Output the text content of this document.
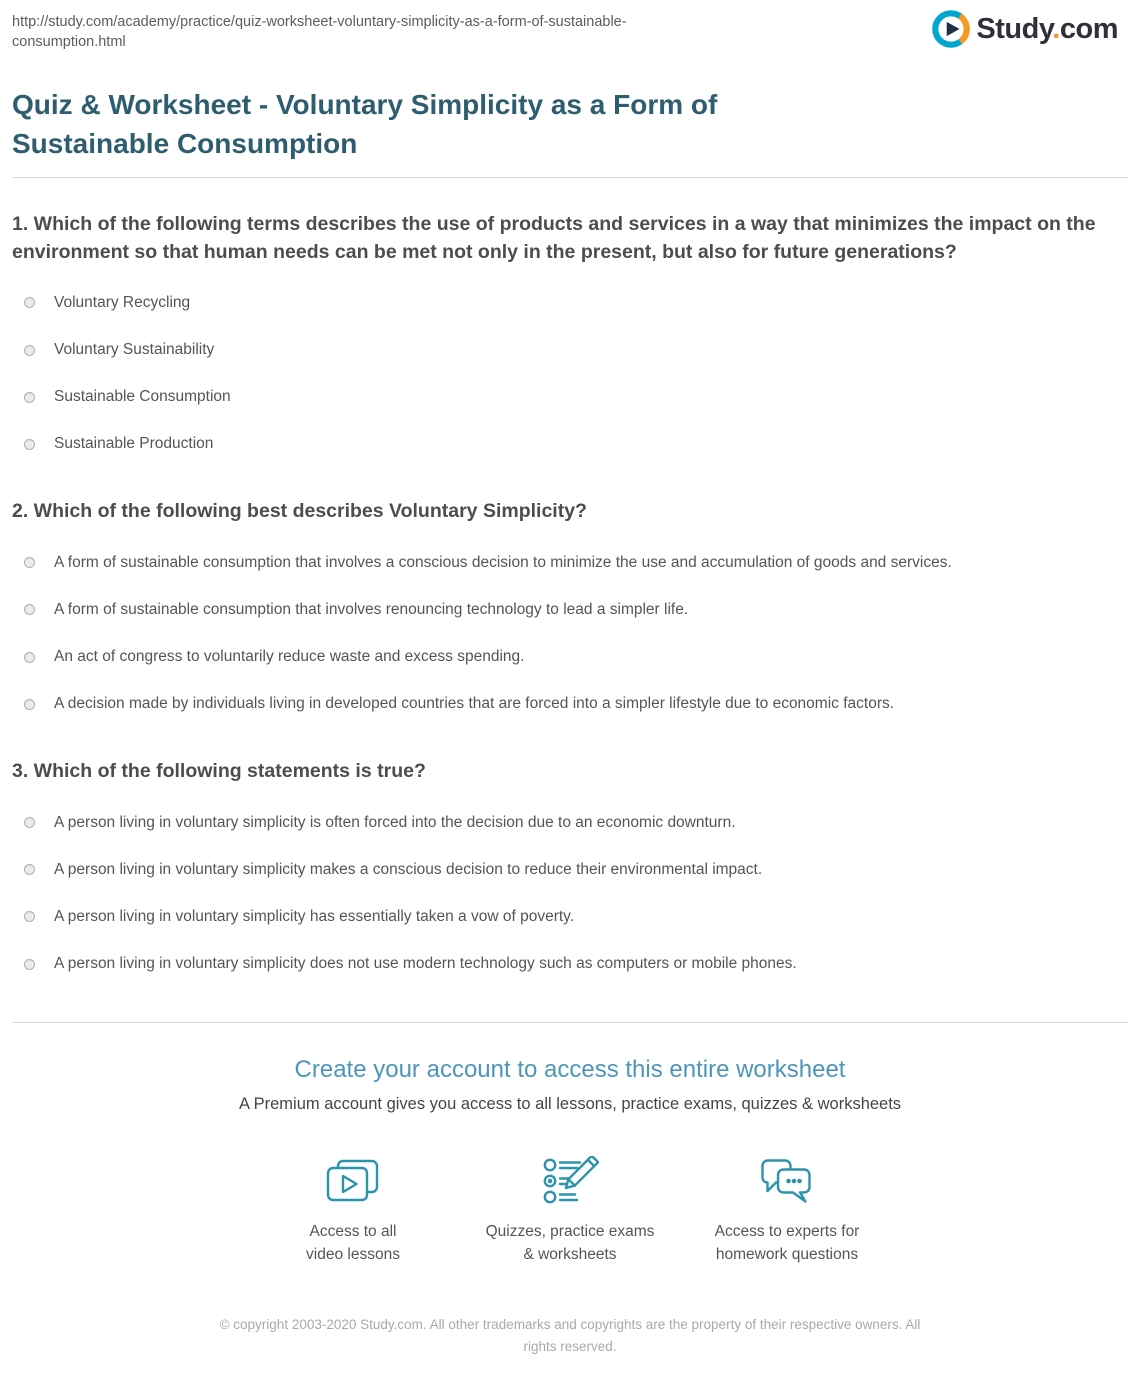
http://study.com/academy/practice/quiz-worksheet-voluntary-simplicity-as-a-form-of-sustainable-
consumption.html	Study.com
Quiz & Worksheet - Voluntary Simplicity as a Form of
Sustainable Consumption
1. Which of the following terms describes the use of products and services in a way that minimizes the impact on the environment so that human needs can be met not only in the present, but also for future generations?
Voluntary Recycling
Voluntary Sustainability
Sustainable Consumption
Sustainable Production
2. Which of the following best describes Voluntary Simplicity?
A form of sustainable consumption that involves a conscious decision to minimize the use and accumulation of goods and services.
A form of sustainable consumption that involves renouncing technology to lead a simpler life.
An act of congress to voluntarily reduce waste and excess spending.
A decision made by individuals living in developed countries that are forced into a simpler lifestyle due to economic factors.
3. Which of the following statements is true?
A person living in voluntary simplicity is often forced into the decision due to an economic downturn.
A person living in voluntary simplicity makes a conscious decision to reduce their environmental impact.
A person living in voluntary simplicity has essentially taken a vow of poverty.
A person living in voluntary simplicity does not use modern technology such as computers or mobile phones.
Create your account to access this entire worksheet
A Premium account gives you access to all lessons, practice exams, quizzes & worksheets
Access to all
video lessons
Quizzes, practice exams
& worksheets
Access to experts for
homework questions
© copyright 2003-2020 Study.com. All other trademarks and copyrights are the property of their respective owners. All rights reserved.
